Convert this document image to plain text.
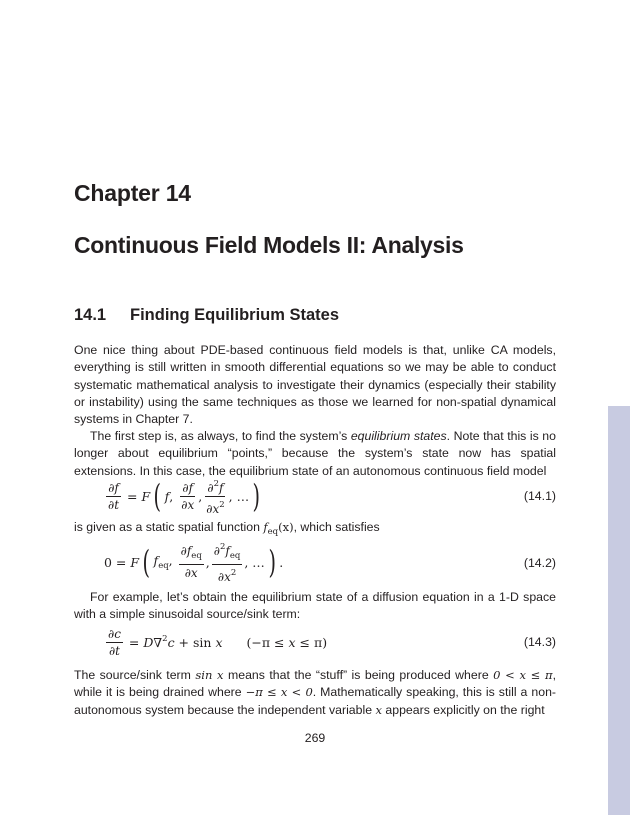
Chapter 14
Continuous Field Models II: Analysis
14.1 Finding Equilibrium States

One nice thing about PDE-based continuous field models is that, unlike CA models, everything is still written in smooth differential equations so we may be able to conduct systematic mathematical analysis to investigate their dynamics (especially their stability or instability) using the same techniques as those we learned for non-spatial dynamical systems in Chapter 7.

The first step is, as always, to find the system’s equilibrium states. Note that this is no longer about equilibrium “points,” because the system’s state now has spatial extensions. In this case, the equilibrium state of an autonomous continuous field model

$\frac{\partial f}{\partial t} = F$ ( f, $\frac{\partial f}{\partial x}$ , $\frac{\partial^2f}{\partial x^2}$ , … )	(14.1)

is given as a static spatial function $f_{eq}(x)$, which satisfies

0 = F ( $f_{eq}$, $\frac{\partial f_{eq}}{\partial x}$ , $\frac{\partial^2f_{eq}}{\partial x^2}$ , … ) .	(14.2)

For example, let’s obtain the equilibrium state of a diffusion equation in a 1-D space with a simple sinusoidal source/sink term:

$\frac{\partial c}{\partial t} = D\nabla^2c + \sin x$ (−π ≤ x ≤ π)	(14.3)

The source/sink term sin x means that the “stuff” is being produced where 0 < x ≤ π, while it is being drained where −π ≤ x < 0. Mathematically speaking, this is still a non-autonomous system because the independent variable x appears explicitly on the right

269
